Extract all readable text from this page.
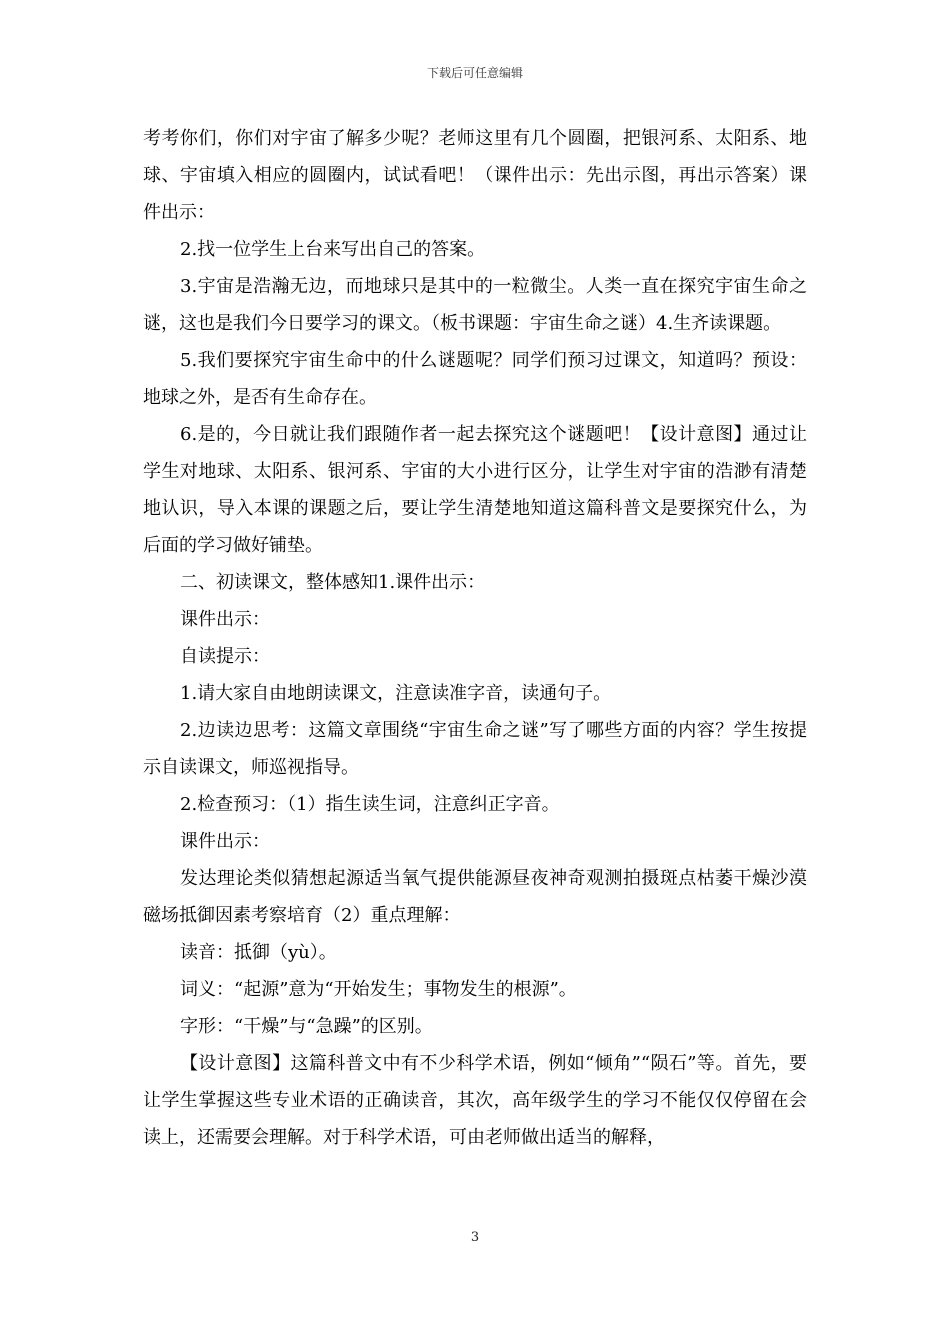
下载后可任意编辑

考考你们，你们对宇宙了解多少呢？老师这里有几个圆圈，把银河系、太阳系、地球、宇宙填入相应的圆圈内，试试看吧！（课件出示：先出示图，再出示答案）课件出示：

2.找一位学生上台来写出自己的答案。

3.宇宙是浩瀚无边，而地球只是其中的一粒微尘。人类一直在探究宇宙生命之谜，这也是我们今日要学习的课文。（板书课题：宇宙生命之谜）4.生齐读课题。

5.我们要探究宇宙生命中的什么谜题呢？同学们预习过课文，知道吗？预设：地球之外，是否有生命存在。

6.是的，今日就让我们跟随作者一起去探究这个谜题吧！【设计意图】通过让学生对地球、太阳系、银河系、宇宙的大小进行区分，让学生对宇宙的浩渺有清楚地认识，导入本课的课题之后，要让学生清楚地知道这篇科普文是要探究什么，为后面的学习做好铺垫。

二、初读课文，整体感知1.课件出示：

课件出示：

自读提示：

1.请大家自由地朗读课文，注意读准字音，读通句子。

2.边读边思考：这篇文章围绕“宇宙生命之谜”写了哪些方面的内容？学生按提示自读课文，师巡视指导。

2.检查预习：（1）指生读生词，注意纠正字音。

课件出示：

发达理论类似猜想起源适当氧气提供能源昼夜神奇观测拍摄斑点枯萎干燥沙漠磁场抵御因素考察培育（2）重点理解：

读音：抵御（yù）。

词义：“起源”意为“开始发生；事物发生的根源”。

字形：“干燥”与“急躁”的区别。

【设计意图】这篇科普文中有不少科学术语，例如“倾角”“陨石”等。首先，要让学生掌握这些专业术语的正确读音，其次，高年级学生的学习不能仅仅停留在会读上，还需要会理解。对于科学术语，可由老师做出适当的解释，

3
